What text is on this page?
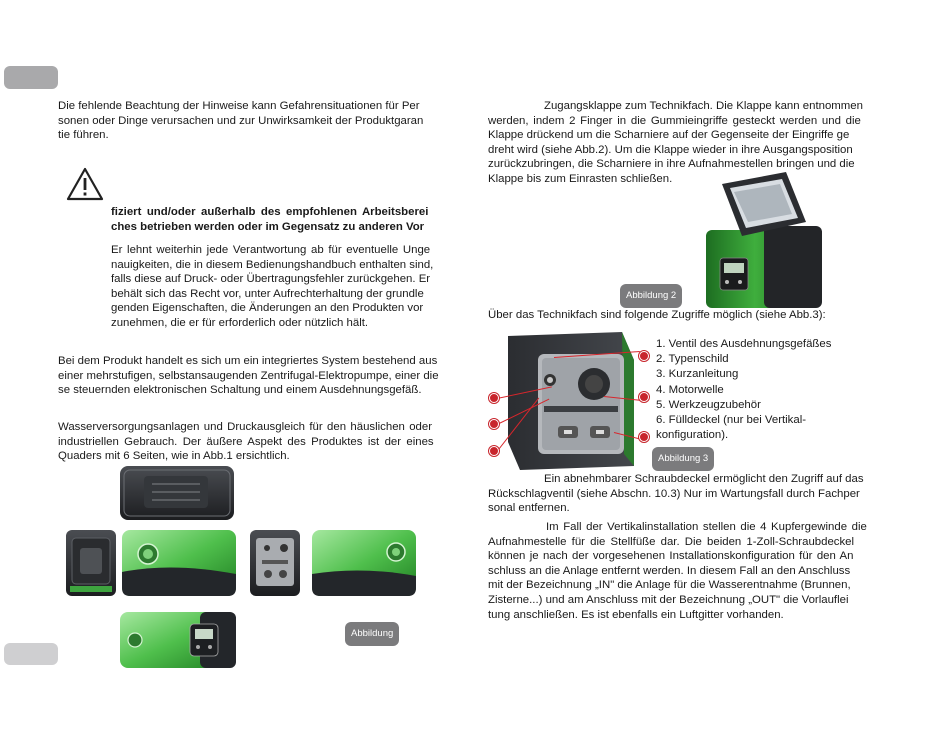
Die fehlende Beachtung der Hinweise kann Gefahrensituationen für Per
sonen oder Dinge verursachen und zur Unwirksamkeit der Produktgaran
tie führen.
fiziert und/oder außerhalb des empfohlenen Arbeitsberei
ches betrieben werden oder im Gegensatz zu anderen Vor
Er lehnt weiterhin jede Verantwortung ab für eventuelle Unge
nauigkeiten, die in diesem Bedienungshandbuch enthalten sind,
falls diese auf Druck- oder Übertragungsfehler zurückgehen. Er
behält sich das Recht vor, unter Aufrechterhaltung der grundle
genden Eigenschaften, die Änderungen an den Produkten vor
zunehmen, die er für erforderlich oder nützlich hält.
Bei dem Produkt handelt es sich um ein integriertes System bestehend aus
einer mehrstufigen, selbstansaugenden Zentrifugal-Elektropumpe, einer die
se steuernden elektronischen Schaltung und einem Ausdehnungsgefäß.
Wasserversorgungsanlagen und Druckausgleich für den häuslichen oder
industriellen Gebrauch. Der äußere Aspekt des Produktes ist der eines
Quaders mit 6 Seiten, wie in Abb.1 ersichtlich.
Abbildung
Zugangsklappe zum Technikfach. Die Klappe kann entnommen
werden, indem 2 Finger in die Gummieingriffe gesteckt werden und die
Klappe drückend um die Scharniere auf der Gegenseite der Eingriffe ge
dreht wird (siehe Abb.2). Um die Klappe wieder in ihre Ausgangsposition
zurückzubringen, die Scharniere in ihre Aufnahmestellen bringen und die
Klappe bis zum Einrasten schließen.
Abbildung 2
Über das Technikfach sind folgende Zugriffe möglich (siehe Abb.3):
1. Ventil des Ausdehnungsgefäßes
2. Typenschild
3. Kurzanleitung
4. Motorwelle
5. Werkzeugzubehör
6. Fülldeckel (nur bei Vertikal-
konfiguration).
Abbildung 3
Ein abnehmbarer Schraubdeckel ermöglicht den Zugriff auf das
Rückschlagventil (siehe Abschn. 10.3) Nur im Wartungsfall durch Fachper
sonal entfernen.
Im Fall der Vertikalinstallation stellen die 4 Kupfergewinde die
Aufnahmestelle für die Stellfüße dar. Die beiden 1-Zoll-Schraubdeckel
können je nach der vorgesehenen Installationskonfiguration für den An
schluss an die Anlage entfernt werden. In diesem Fall an den Anschluss
mit der Bezeichnung „IN" die Anlage für die Wasserentnahme (Brunnen,
Zisterne...) und am Anschluss mit der Bezeichnung „OUT" die Vorlauflei
tung anschließen. Es ist ebenfalls ein Luftgitter vorhanden.
